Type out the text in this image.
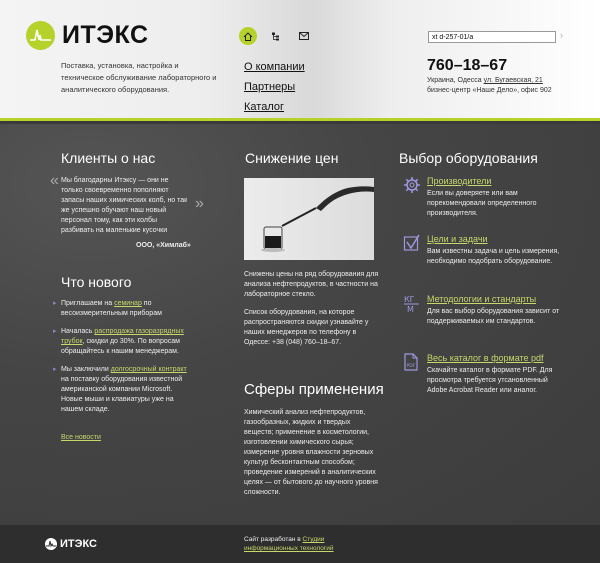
ИТЭКС
Поставка, установка, настройка и техническое обслуживание лабораторного и аналитического оборудования.
О компании
Партнеры
Каталог
xt d-257-01/a
›
760–18–67
Украина, Одесса ул. Бугаевская, 21
бизнес-центр «Наше Дело», офис 902
Клиенты о нас
« Мы благодарны Итэксу — они не только своевременно пополняют запасы наших химических колб, но так же успешно обучают наш новый персонал тому, как эти колбы разбивать на маленькие кусочки
»
ООО, «Химлаб»
Что нового
▸ Приглашаем на семинар по весоизмерительным приборам
▸ Началась распродажа газоразрядных трубок, скидки до 30%. По вопросам обращайтесь к нашим менеджерам.
▸ Мы заключили долгосрочный контракт на поставку оборудования известной американской компании Microsoft. Новые мыши и клавиатуры уже на нашем складе.
Все новости
Снижение цен
Снижены цены на ряд оборудования для анализа нефтепродуктов, в частности на лабораторное стекло.
Список оборудования, на которое распространяются скидки узнавайте у наших менеджеров по телефону в Одессе: +38 (048) 760–18–67.
Сферы применения
Химический анализ нефтепродуктов, газообразных, жидких и твердых веществ; применение в косметологии, изготовлении химического сырья; измерение уровня влажности зерновых культур бесконтактным способом; проведение измерений в аналитических целях — от бытового до научного уровня сложности.
Выбор оборудования
Производители
Если вы доверяете или вам порекомендовали определенного производителя.
Цели и задачи
Вам известны задача и цель измерения, необходимо подобрать оборудование.
КГ
М
Методологии и стандарты
Для вас выбор оборудования зависит от поддерживаемых им стандартов.
PDF
Весь каталог в формате pdf
Скачайте каталог в формате PDF. Для просмотра требуется утсановленный Adobe Acrobat Reader или аналог.
ИТЭКС	Сайт разработан в Студии информационных технологий
